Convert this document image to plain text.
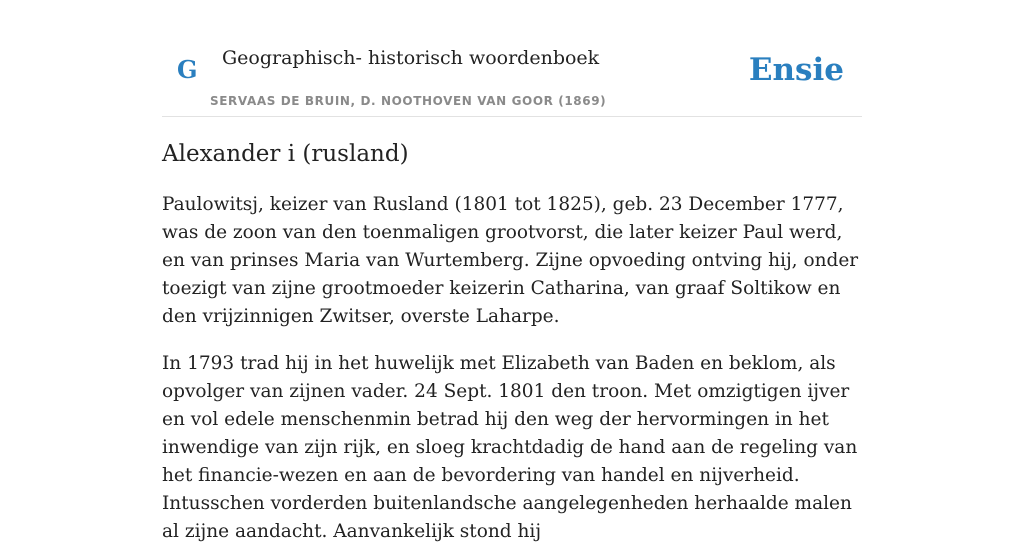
G Geographisch- historisch woordenboek
SERVAAS DE BRUIN, D. NOOTHOVEN VAN GOOR (1869)
Ensie
Alexander i (rusland)

Paulowitsj, keizer van Rusland (1801 tot 1825), geb. 23 December 1777, was de zoon van den toenmaligen grootvorst, die later keizer Paul werd, en van prinses Maria van Wurtemberg. Zijne opvoeding ontving hij, onder toezigt van zijne grootmoeder keizerin Catharina, van graaf Soltikow en den vrijzinnigen Zwitser, overste Laharpe.

In 1793 trad hij in het huwelijk met Elizabeth van Baden en beklom, als opvolger van zijnen vader. 24 Sept. 1801 den troon. Met omzigtigen ijver en vol edele menschenmin betrad hij den weg der hervormingen in het inwendige van zijn rijk, en sloeg krachtdadig de hand aan de regeling van het financie-wezen en aan de bevordering van handel en nijverheid. Intusschen vorderden buitenlandsche aangelegenheden herhaalde malen al zijne aandacht. Aanvankelijk stond hij
